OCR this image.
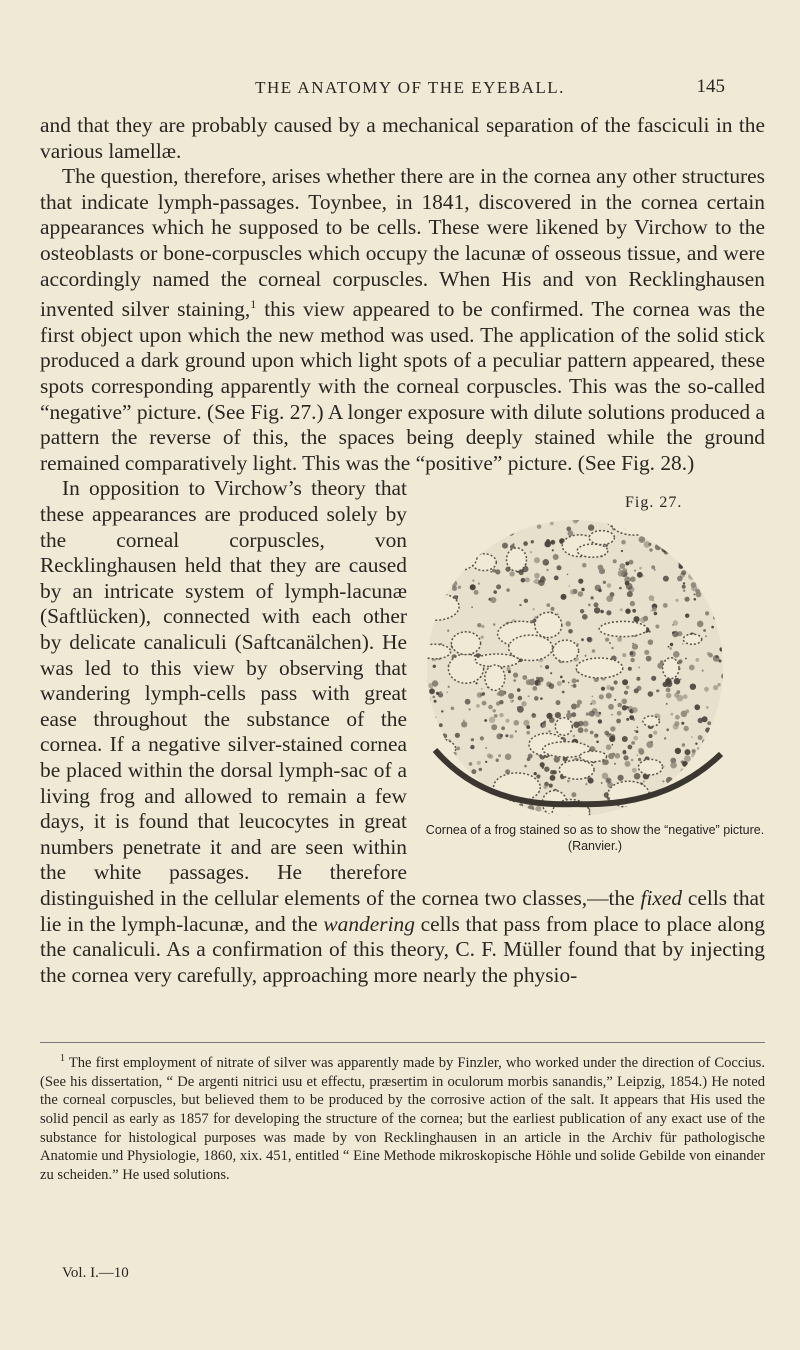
THE ANATOMY OF THE EYEBALL.	145

and that they are probably caused by a mechanical separation of the fasciculi in the various lamellæ.

The question, therefore, arises whether there are in the cornea any other structures that indicate lymph-passages. Toynbee, in 1841, discovered in the cornea certain appearances which he supposed to be cells. These were likened by Virchow to the osteoblasts or bone-corpuscles which occupy the lacunæ of osseous tissue, and were accordingly named the corneal corpuscles. When His and von Recklinghausen invented silver staining,$^1$ this view appeared to be confirmed. The cornea was the first object upon which the new method was used. The application of the solid stick produced a dark ground upon which light spots of a peculiar pattern appeared, these spots corresponding apparently with the corneal corpuscles. This was the so-called “negative” picture. (See Fig. 27.) A longer exposure with dilute solutions produced a pattern the reverse of this, the spaces being deeply stained while the ground remained comparatively light. This was the “positive” picture. (See Fig. 28.)

Fig. 27.
Cornea of a frog stained so as to show the “negative” picture. (Ranvier.)

In opposition to Virchow’s theory that these appearances are produced solely by the corneal corpuscles, von Recklinghausen held that they are caused by an intricate system of lymph-lacunæ (Saftlücken), connected with each other by delicate canaliculi (Saftcanälchen). He was led to this view by observing that wandering lymph-cells pass with great ease throughout the substance of the cornea. If a negative silver-stained cornea be placed within the dorsal lymph-sac of a living frog and allowed to remain a few days, it is found that leucocytes in great numbers penetrate it and are seen within the white passages. He therefore distinguished in the cellular elements of the cornea two classes,—the fixed cells that lie in the lymph-lacunæ, and the wandering cells that pass from place to place along the canaliculi. As a confirmation of this theory, C. F. Müller found that by injecting the cornea very carefully, approaching more nearly the physio-

$^1$ The first employment of nitrate of silver was apparently made by Finzler, who worked under the direction of Coccius. (See his dissertation, “ De argenti nitrici usu et effectu, præsertim in oculorum morbis sanandis,” Leipzig, 1854.) He noted the corneal corpuscles, but believed them to be produced by the corrosive action of the salt. It appears that His used the solid pencil as early as 1857 for developing the structure of the cornea; but the earliest publication of any exact use of the substance for histological purposes was made by von Recklinghausen in an article in the Archiv für pathologische Anatomie und Physiologie, 1860, xix. 451, entitled “ Eine Methode mikroskopische Höhle und solide Gebilde von einander zu scheiden.” He used solutions.

Vol. I.—10
